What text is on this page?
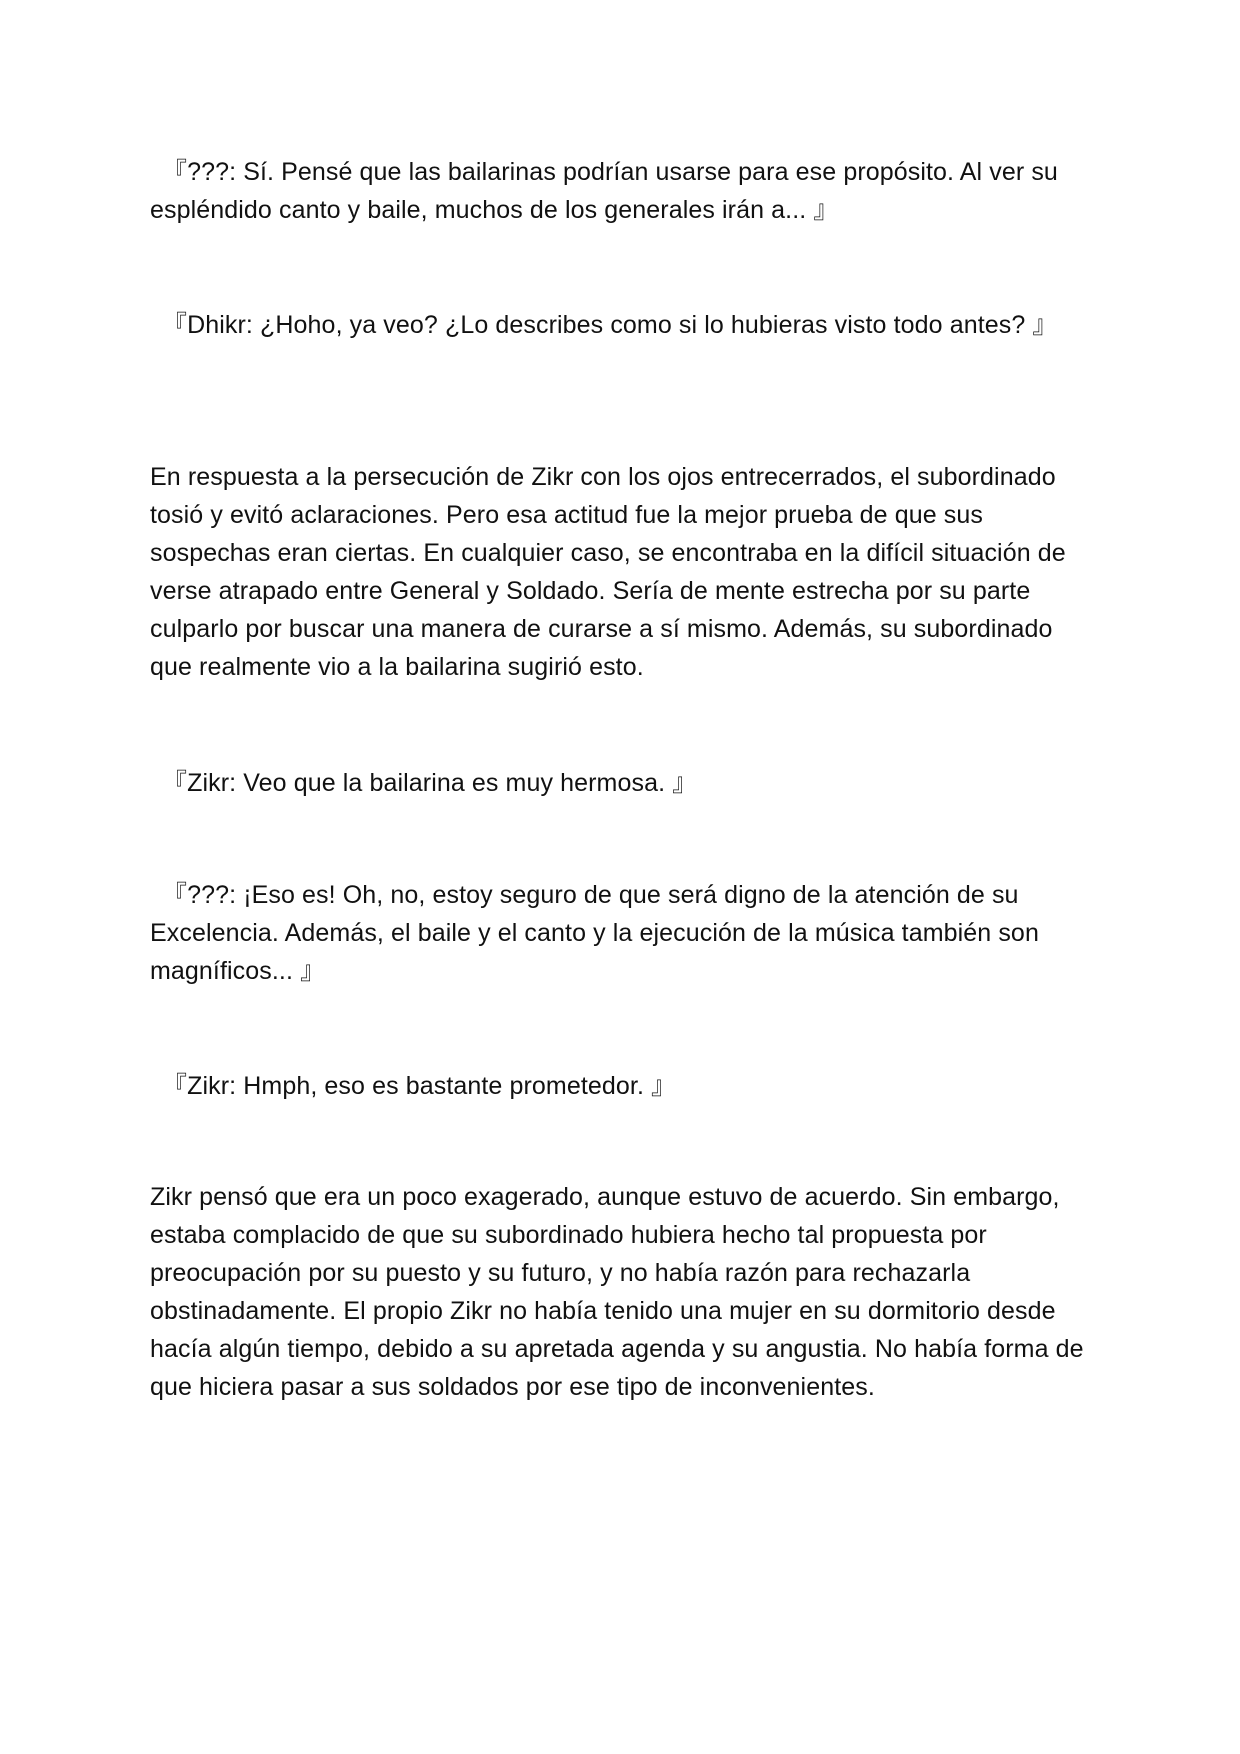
『???: Sí. Pensé que las bailarinas podrían usarse para ese propósito. Al ver su espléndido canto y baile, muchos de los generales irán a... 』

『Dhikr: ¿Hoho, ya veo? ¿Lo describes como si lo hubieras visto todo antes? 』

En respuesta a la persecución de Zikr con los ojos entrecerrados, el subordinado tosió y evitó aclaraciones. Pero esa actitud fue la mejor prueba de que sus sospechas eran ciertas. En cualquier caso, se encontraba en la difícil situación de verse atrapado entre General y Soldado. Sería de mente estrecha por su parte culparlo por buscar una manera de curarse a sí mismo. Además, su subordinado que realmente vio a la bailarina sugirió esto.

『Zikr: Veo que la bailarina es muy hermosa. 』

『???: ¡Eso es! Oh, no, estoy seguro de que será digno de la atención de su Excelencia. Además, el baile y el canto y la ejecución de la música también son magníficos... 』

『Zikr: Hmph, eso es bastante prometedor. 』

Zikr pensó que era un poco exagerado, aunque estuvo de acuerdo. Sin embargo, estaba complacido de que su subordinado hubiera hecho tal propuesta por preocupación por su puesto y su futuro, y no había razón para rechazarla obstinadamente. El propio Zikr no había tenido una mujer en su dormitorio desde hacía algún tiempo, debido a su apretada agenda y su angustia. No había forma de que hiciera pasar a sus soldados por ese tipo de inconvenientes.
